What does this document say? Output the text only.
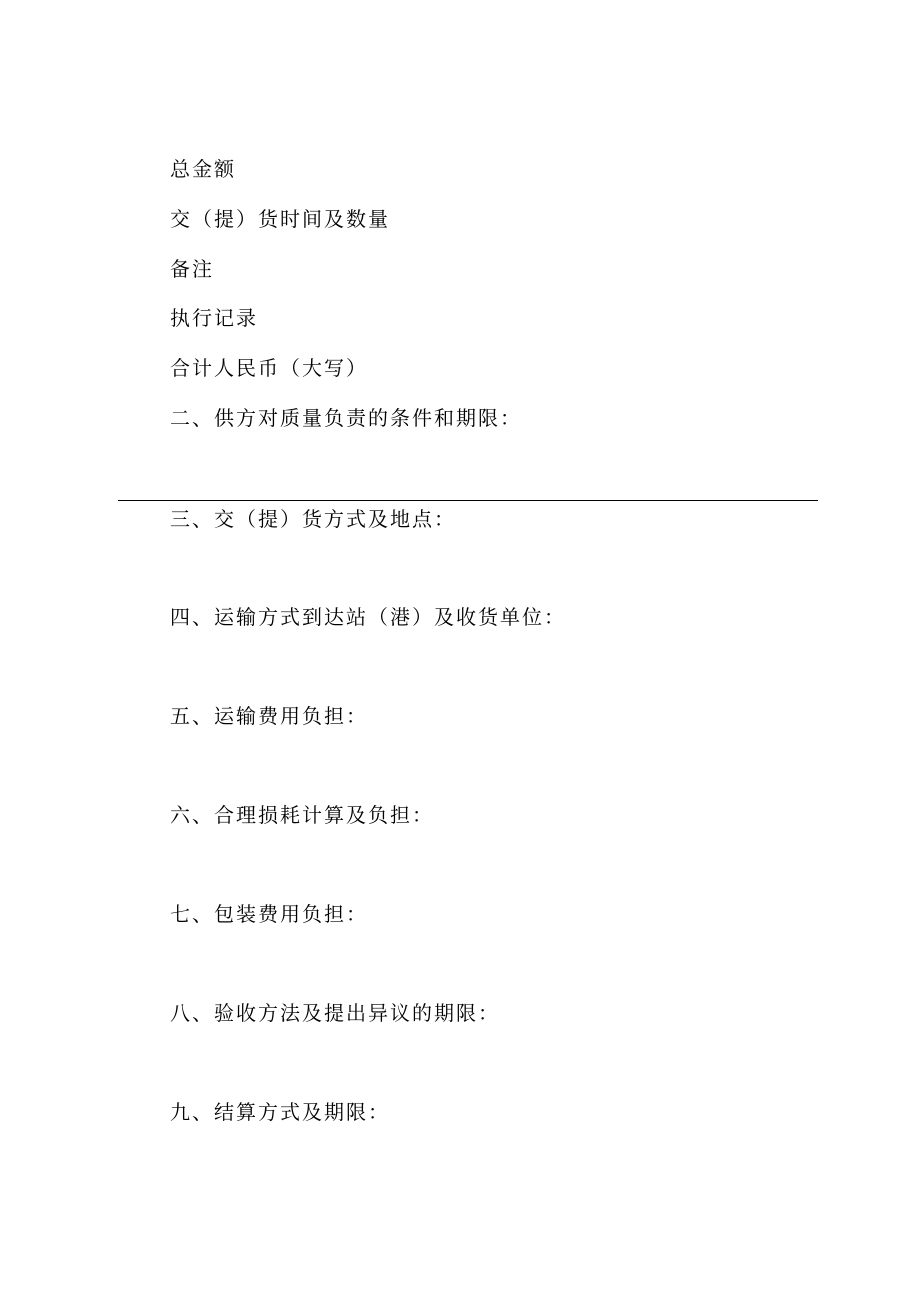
总金额
交（提）货时间及数量
备注
执行记录
合计人民币（大写）
二、供方对质量负责的条件和期限：
三、交（提）货方式及地点：
四、运输方式到达站（港）及收货单位：
五、运输费用负担：
六、合理损耗计算及负担：
七、包装费用负担：
八、验收方法及提出异议的期限：
九、结算方式及期限：
